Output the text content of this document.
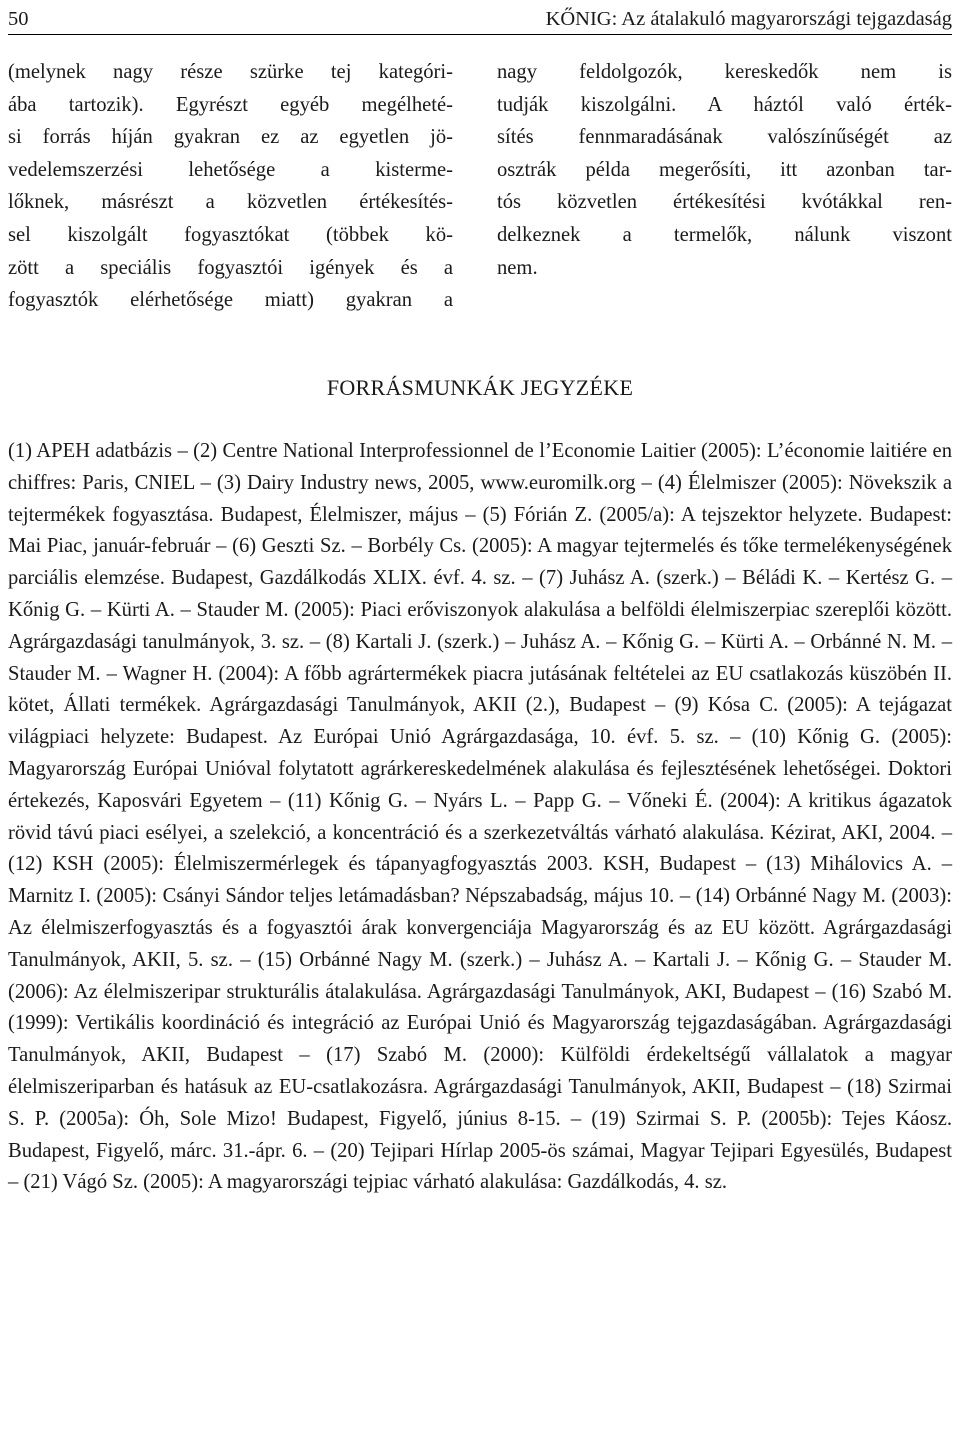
50	KŐNIG: Az átalakuló magyarországi tejgazdaság
(melynek nagy része szürke tej kategóri-
ába tartozik). Egyrészt egyéb megélheté-
si forrás híján gyakran ez az egyetlen jö-
vedelemszerzési lehetősége a kisterme-
lőknek, másrészt a közvetlen értékesítés-
sel kiszolgált fogyasztókat (többek kö-
zött a speciális fogyasztói igények és a
fogyasztók elérhetősége miatt) gyakran a
nagy feldolgozók, kereskedők nem is
tudják kiszolgálni. A háztól való érték-
sítés fennmaradásának valószínűségét az
osztrák példa megerősíti, itt azonban tar-
tós közvetlen értékesítési kvótákkal ren-
delkeznek a termelők, nálunk viszont
nem.
FORRÁSMUNKÁK JEGYZÉKE

(1) APEH adatbázis – (2) Centre National Interprofessionnel de l’Economie Laitier (2005): L’économie laitiére en chiffres: Paris, CNIEL – (3) Dairy Industry news, 2005, www.euromilk.org – (4) Élelmiszer (2005): Növekszik a tejtermékek fogyasztása. Budapest, Élelmiszer, május – (5) Fórián Z. (2005/a): A tejszektor helyzete. Budapest: Mai Piac, január-február – (6) Geszti Sz. – Borbély Cs. (2005): A magyar tejtermelés és tőke termelékenységének parciális elemzése. Budapest, Gazdálkodás XLIX. évf. 4. sz. – (7) Juhász A. (szerk.) – Béládi K. – Kertész G. – Kőnig G. – Kürti A. – Stauder M. (2005): Piaci erőviszonyok alakulása a belföldi élelmiszerpiac szereplői között. Agrárgazdasági tanulmányok, 3. sz. – (8) Kartali J. (szerk.) – Juhász A. – Kőnig G. – Kürti A. – Orbánné N. M. – Stauder M. – Wagner H. (2004): A főbb agrártermékek piacra jutásának feltételei az EU csatlakozás küszöbén II. kötet, Állati termékek. Agrárgazdasági Tanulmányok, AKII (2.), Budapest – (9) Kósa C. (2005): A tejágazat világpiaci helyzete: Budapest. Az Európai Unió Agrárgazdasága, 10. évf. 5. sz. – (10) Kőnig G. (2005): Magyarország Európai Unióval folytatott agrárkereskedelmének alakulása és fejlesztésének lehetőségei. Doktori értekezés, Kaposvári Egyetem – (11) Kőnig G. – Nyárs L. – Papp G. – Vőneki É. (2004): A kritikus ágazatok rövid távú piaci esélyei, a szelekció, a koncentráció és a szerkezetváltás várható alakulása. Kézirat, AKI, 2004. – (12) KSH (2005): Élelmiszermérlegek és tápanyagfogyasztás 2003. KSH, Budapest – (13) Mihálovics A. – Marnitz I. (2005): Csányi Sándor teljes letámadásban? Népszabadság, május 10. – (14) Orbánné Nagy M. (2003): Az élelmiszerfogyasztás és a fogyasztói árak konvergenciája Magyarország és az EU között. Agrárgazdasági Tanulmányok, AKII, 5. sz. – (15) Orbánné Nagy M. (szerk.) – Juhász A. – Kartali J. – Kőnig G. – Stauder M. (2006): Az élelmiszeripar strukturális átalakulása. Agrárgazdasági Tanulmányok, AKI, Budapest – (16) Szabó M. (1999): Vertikális koordináció és integráció az Európai Unió és Magyarország tejgazdaságában. Agrárgazdasági Tanulmányok, AKII, Budapest – (17) Szabó M. (2000): Külföldi érdekeltségű vállalatok a magyar élelmiszeriparban és hatásuk az EU-csatlakozásra. Agrárgazdasági Tanulmányok, AKII, Budapest – (18) Szirmai S. P. (2005a): Óh, Sole Mizo! Budapest, Figyelő, június 8-15. – (19) Szirmai S. P. (2005b): Tejes Káosz. Budapest, Figyelő, márc. 31.-ápr. 6. – (20) Tejipari Hírlap 2005-ös számai, Magyar Tejipari Egyesülés, Budapest – (21) Vágó Sz. (2005): A magyarországi tejpiac várható alakulása: Gazdálkodás, 4. sz.
